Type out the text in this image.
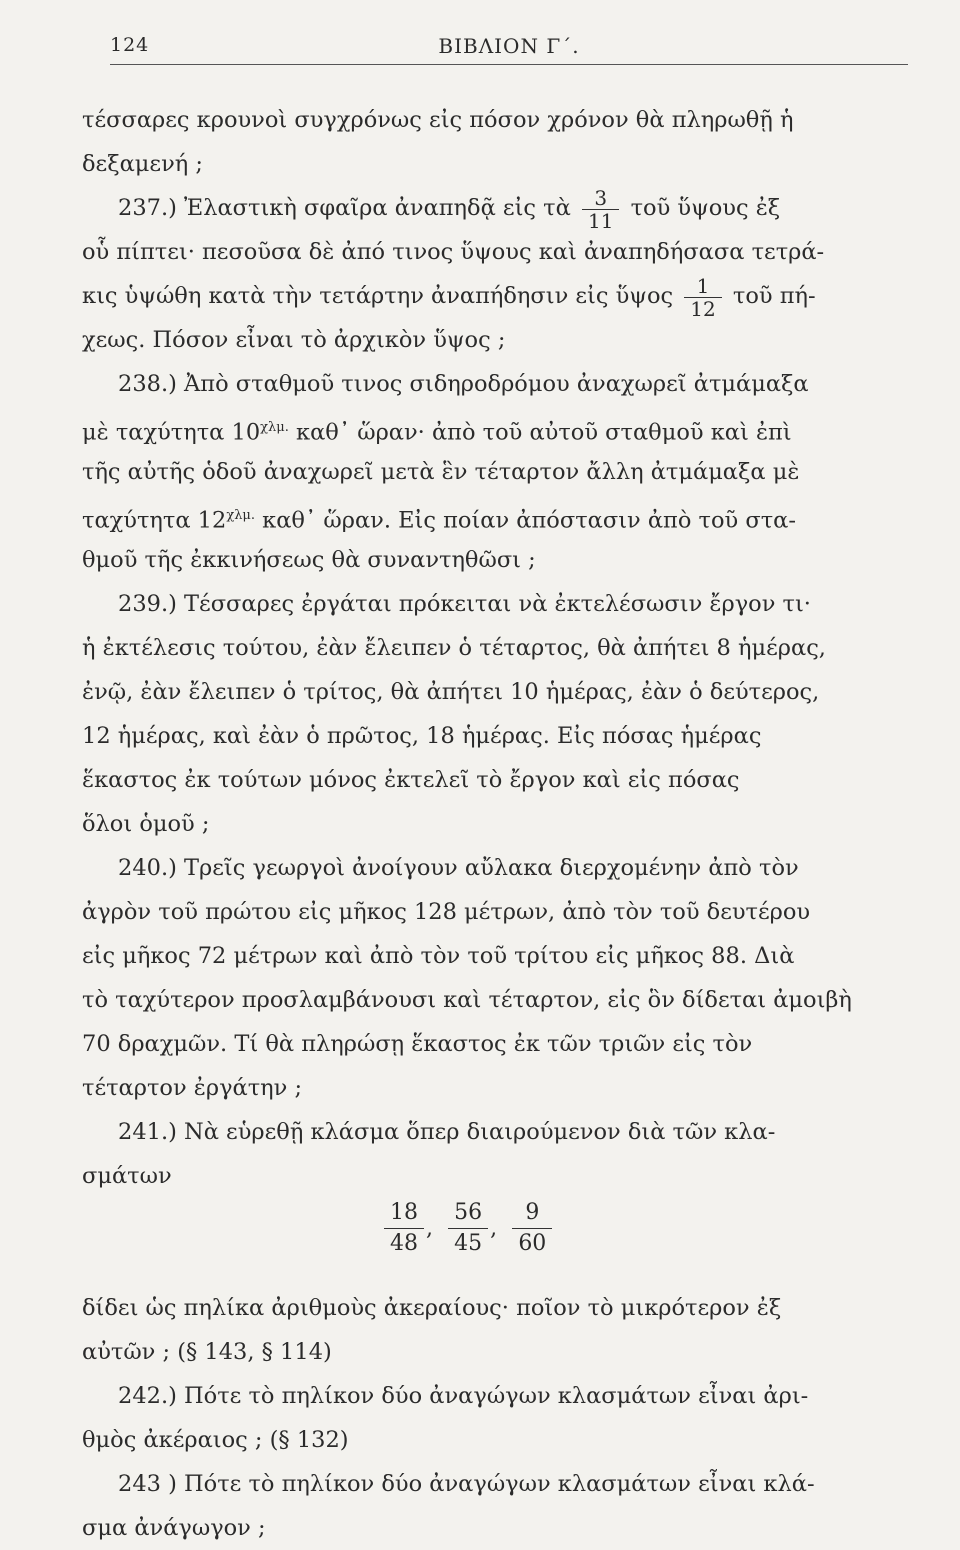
124	ΒΙΒΛΙΟΝ Γ΄.
τέσσαρες κρουνοὶ συγχρόνως εἰς πόσον χρόνον θὰ πληρωθῇ ἡ
δεξαμενή ;
237.) Ἐλαστικὴ σφαῖρα ἀναπηδᾷ εἰς τὰ $\frac{3}{11}$ τοῦ ὕψους ἐξ
οὗ πίπτει· πεσοῦσα δὲ ἀπό τινος ὕψους καὶ ἀναπηδήσασα τετρά-
κις ὑψώθη κατὰ τὴν τετάρτην ἀναπήδησιν εἰς ὕψος $\frac{1}{12}$ τοῦ πή-
χεως. Πόσον εἶναι τὸ ἀρχικὸν ὕψος ;
238.) Ἀπὸ σταθμοῦ τινος σιδηροδρόμου ἀναχωρεῖ ἀτμάμαξα
μὲ ταχύτητα $10^{\chi\lambda\mu.}$ καθ᾽ ὥραν· ἀπὸ τοῦ αὐτοῦ σταθμοῦ καὶ ἐπὶ
τῆς αὐτῆς ὁδοῦ ἀναχωρεῖ μετὰ ἓν τέταρτον ἄλλη ἀτμάμαξα μὲ
ταχύτητα $12^{\chi\lambda\mu.}$ καθ᾽ ὥραν. Εἰς ποίαν ἀπόστασιν ἀπὸ τοῦ στα-
θμοῦ τῆς ἐκκινήσεως θὰ συναντηθῶσι ;
239.) Τέσσαρες ἐργάται πρόκειται νὰ ἐκτελέσωσιν ἔργον τι·
ἡ ἐκτέλεσις τούτου, ἐὰν ἔλειπεν ὁ τέταρτος, θὰ ἀπήτει 8 ἡμέρας,
ἐνῷ, ἐὰν ἔλειπεν ὁ τρίτος, θὰ ἀπήτει 10 ἡμέρας, ἐὰν ὁ δεύτερος,
12 ἡμέρας, καὶ ἐὰν ὁ πρῶτος, 18 ἡμέρας. Εἰς πόσας ἡμέρας
ἕκαστος ἐκ τούτων μόνος ἐκτελεῖ τὸ ἔργον καὶ εἰς πόσας
ὅλοι ὁμοῦ ;
240.) Τρεῖς γεωργοὶ ἀνοίγουν αὔλακα διερχομένην ἀπὸ τὸν
ἀγρὸν τοῦ πρώτου εἰς μῆκος 128 μέτρων, ἀπὸ τὸν τοῦ δευτέρου
εἰς μῆκος 72 μέτρων καὶ ἀπὸ τὸν τοῦ τρίτου εἰς μῆκος 88. Διὰ
τὸ ταχύτερον προσλαμβάνουσι καὶ τέταρτον, εἰς ὃν δίδεται ἀμοιβὴ
70 δραχμῶν. Τί θὰ πληρώσῃ ἕκαστος ἐκ τῶν τριῶν εἰς τὸν
τέταρτον ἐργάτην ;
241.) Νὰ εὑρεθῇ κλάσμα ὅπερ διαιρούμενον διὰ τῶν κλα-
σμάτων
$\frac{18}{48}$ , $\frac{56}{45}$ , $\frac{9}{60}$
δίδει ὡς πηλίκα ἀριθμοὺς ἀκεραίους· ποῖον τὸ μικρότερον ἐξ
αὐτῶν ; (§ 143, § 114)
242.) Πότε τὸ πηλίκον δύο ἀναγώγων κλασμάτων εἶναι ἀρι-
θμὸς ἀκέραιος ; (§ 132)
243 ) Πότε τὸ πηλίκον δύο ἀναγώγων κλασμάτων εἶναι κλά-
σμα ἀνάγωγον ;
